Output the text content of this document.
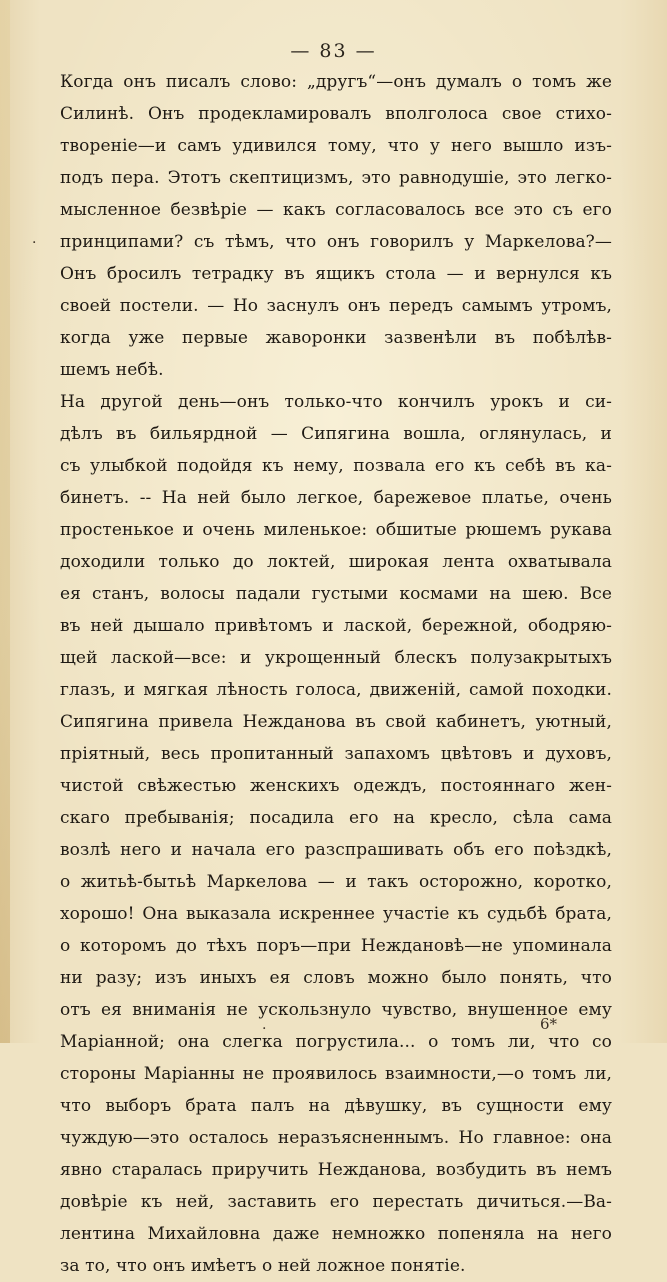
— 83 —
·
Когда онъ писалъ слово: „другъ“—онъ думалъ о томъ же
Силинѣ. Онъ продекламировалъ вполголоса свое стихо-
твореніе—и самъ удивился тому, что у него вышло изъ-
подъ пера. Этотъ скептицизмъ, это равнодушіе, это легко-
мысленное безвѣріе — какъ согласовалось все это съ его
принципами? съ тѣмъ, что онъ говорилъ у Маркелова?—
Онъ бросилъ тетрадку въ ящикъ стола — и вернулся къ
своей постели. — Но заснулъ онъ передъ самымъ утромъ,
когда уже первые жаворонки зазвенѣли въ побѣлѣв-
шемъ небѣ.
На другой день—онъ только-что кончилъ урокъ и си-
дѣлъ въ бильярдной — Сипягина вошла, оглянулась, и
съ улыбкой подойдя къ нему, позвала его къ себѣ въ ка-
бинетъ. -- На ней было легкое, барежевое платье, очень
простенькое и очень миленькое: обшитые рюшемъ рукава
доходили только до локтей, широкая лента охватывала
ея станъ, волосы падали густыми космами на шею. Все
въ ней дышало привѣтомъ и лаской, бережной, ободряю-
щей лаской—все: и укрощенный блескъ полузакрытыхъ
глазъ, и мягкая лѣность голоса, движеній, самой походки.
Сипягина привела Нежданова въ свой кабинетъ, уютный,
пріятный, весь пропитанный запахомъ цвѣтовъ и духовъ,
чистой свѣжестью женскихъ одеждъ, постояннаго жен-
скаго пребыванія; посадила его на кресло, сѣла сама
возлѣ него и начала его разспрашивать объ его поѣздкѣ,
о житьѣ-бытьѣ Маркелова — и такъ осторожно, коротко,
хорошо! Она выказала искреннее участіе къ судьбѣ брата,
о которомъ до тѣхъ поръ—при Неждановѣ—не упоминала
ни разу; изъ иныхъ ея словъ можно было понять, что
отъ ея вниманія не ускользнуло чувство, внушенное ему
Маріанной; она слегка погрустила... о томъ ли, что со
стороны Маріанны не проявилось взаимности,—о томъ ли,
что выборъ брата палъ на дѣвушку, въ сущности ему
чуждую—это осталось неразъясненнымъ. Но главное: она
явно старалась приручить Нежданова, возбудить въ немъ
довѣріе къ ней, заставить его перестать дичиться.—Ва-
лентина Михайловна даже немножко попеняла на него
за то, что онъ имѣетъ о ней ложное понятіе.
.	6*
